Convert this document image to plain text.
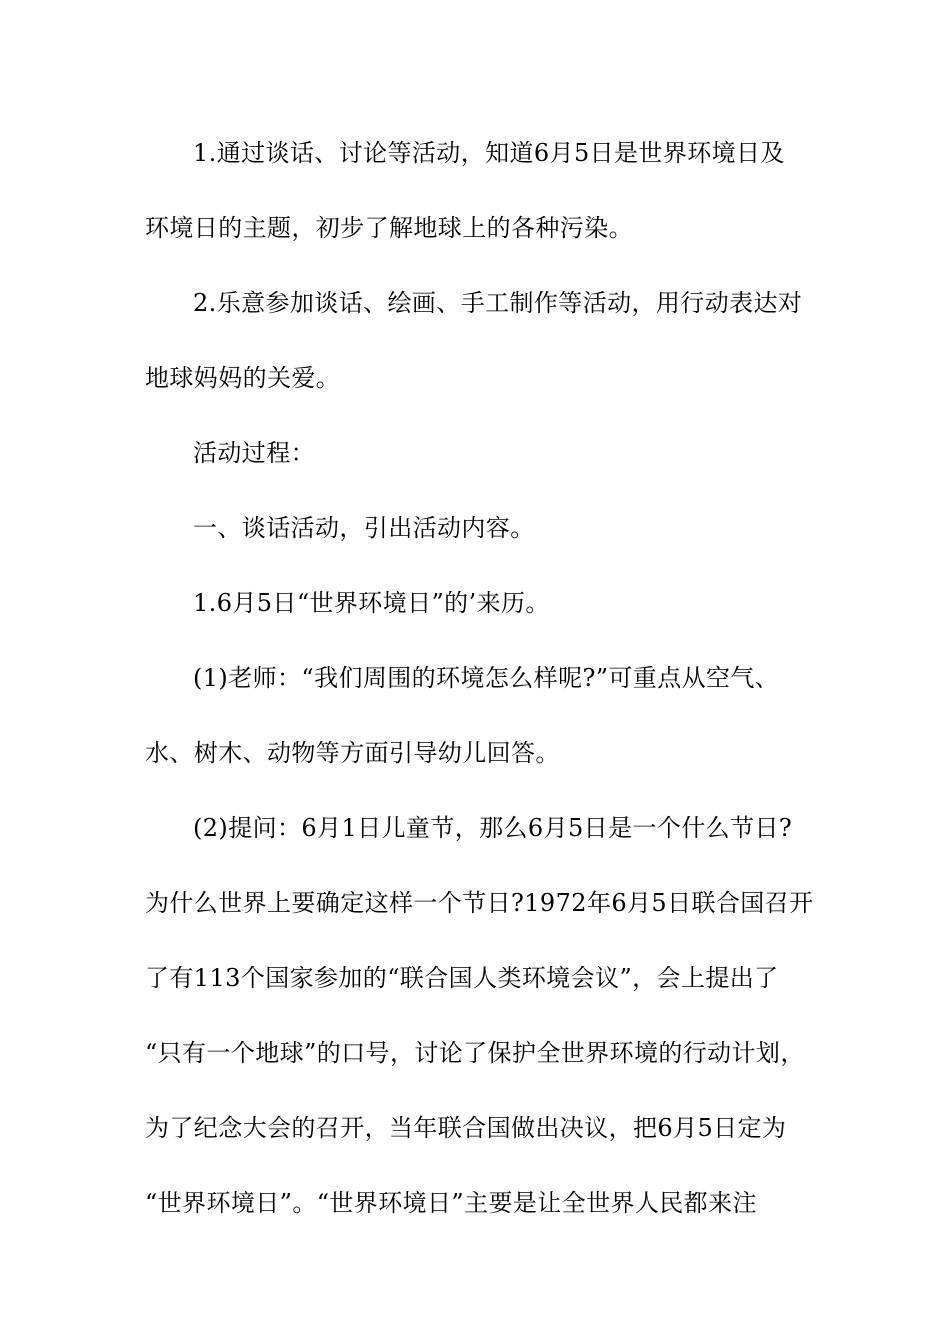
1.通过谈话、讨论等活动，知道6月5日是世界环境日及
环境日的主题，初步了解地球上的各种污染。
2.乐意参加谈话、绘画、手工制作等活动，用行动表达对
地球妈妈的关爱。
活动过程：
一、谈话活动，引出活动内容。
1.6月5日“世界环境日”的’来历。
(1)老师：“我们周围的环境怎么样呢?”可重点从空气、
水、树木、动物等方面引导幼儿回答。
(2)提问：6月1日儿童节，那么6月5日是一个什么节日?
为什么世界上要确定这样一个节日?1972年6月5日联合国召开
了有113个国家参加的“联合国人类环境会议”，会上提出了
“只有一个地球”的口号，讨论了保护全世界环境的行动计划，
为了纪念大会的召开，当年联合国做出决议，把6月5日定为
“世界环境日”。“世界环境日”主要是让全世界人民都来注
